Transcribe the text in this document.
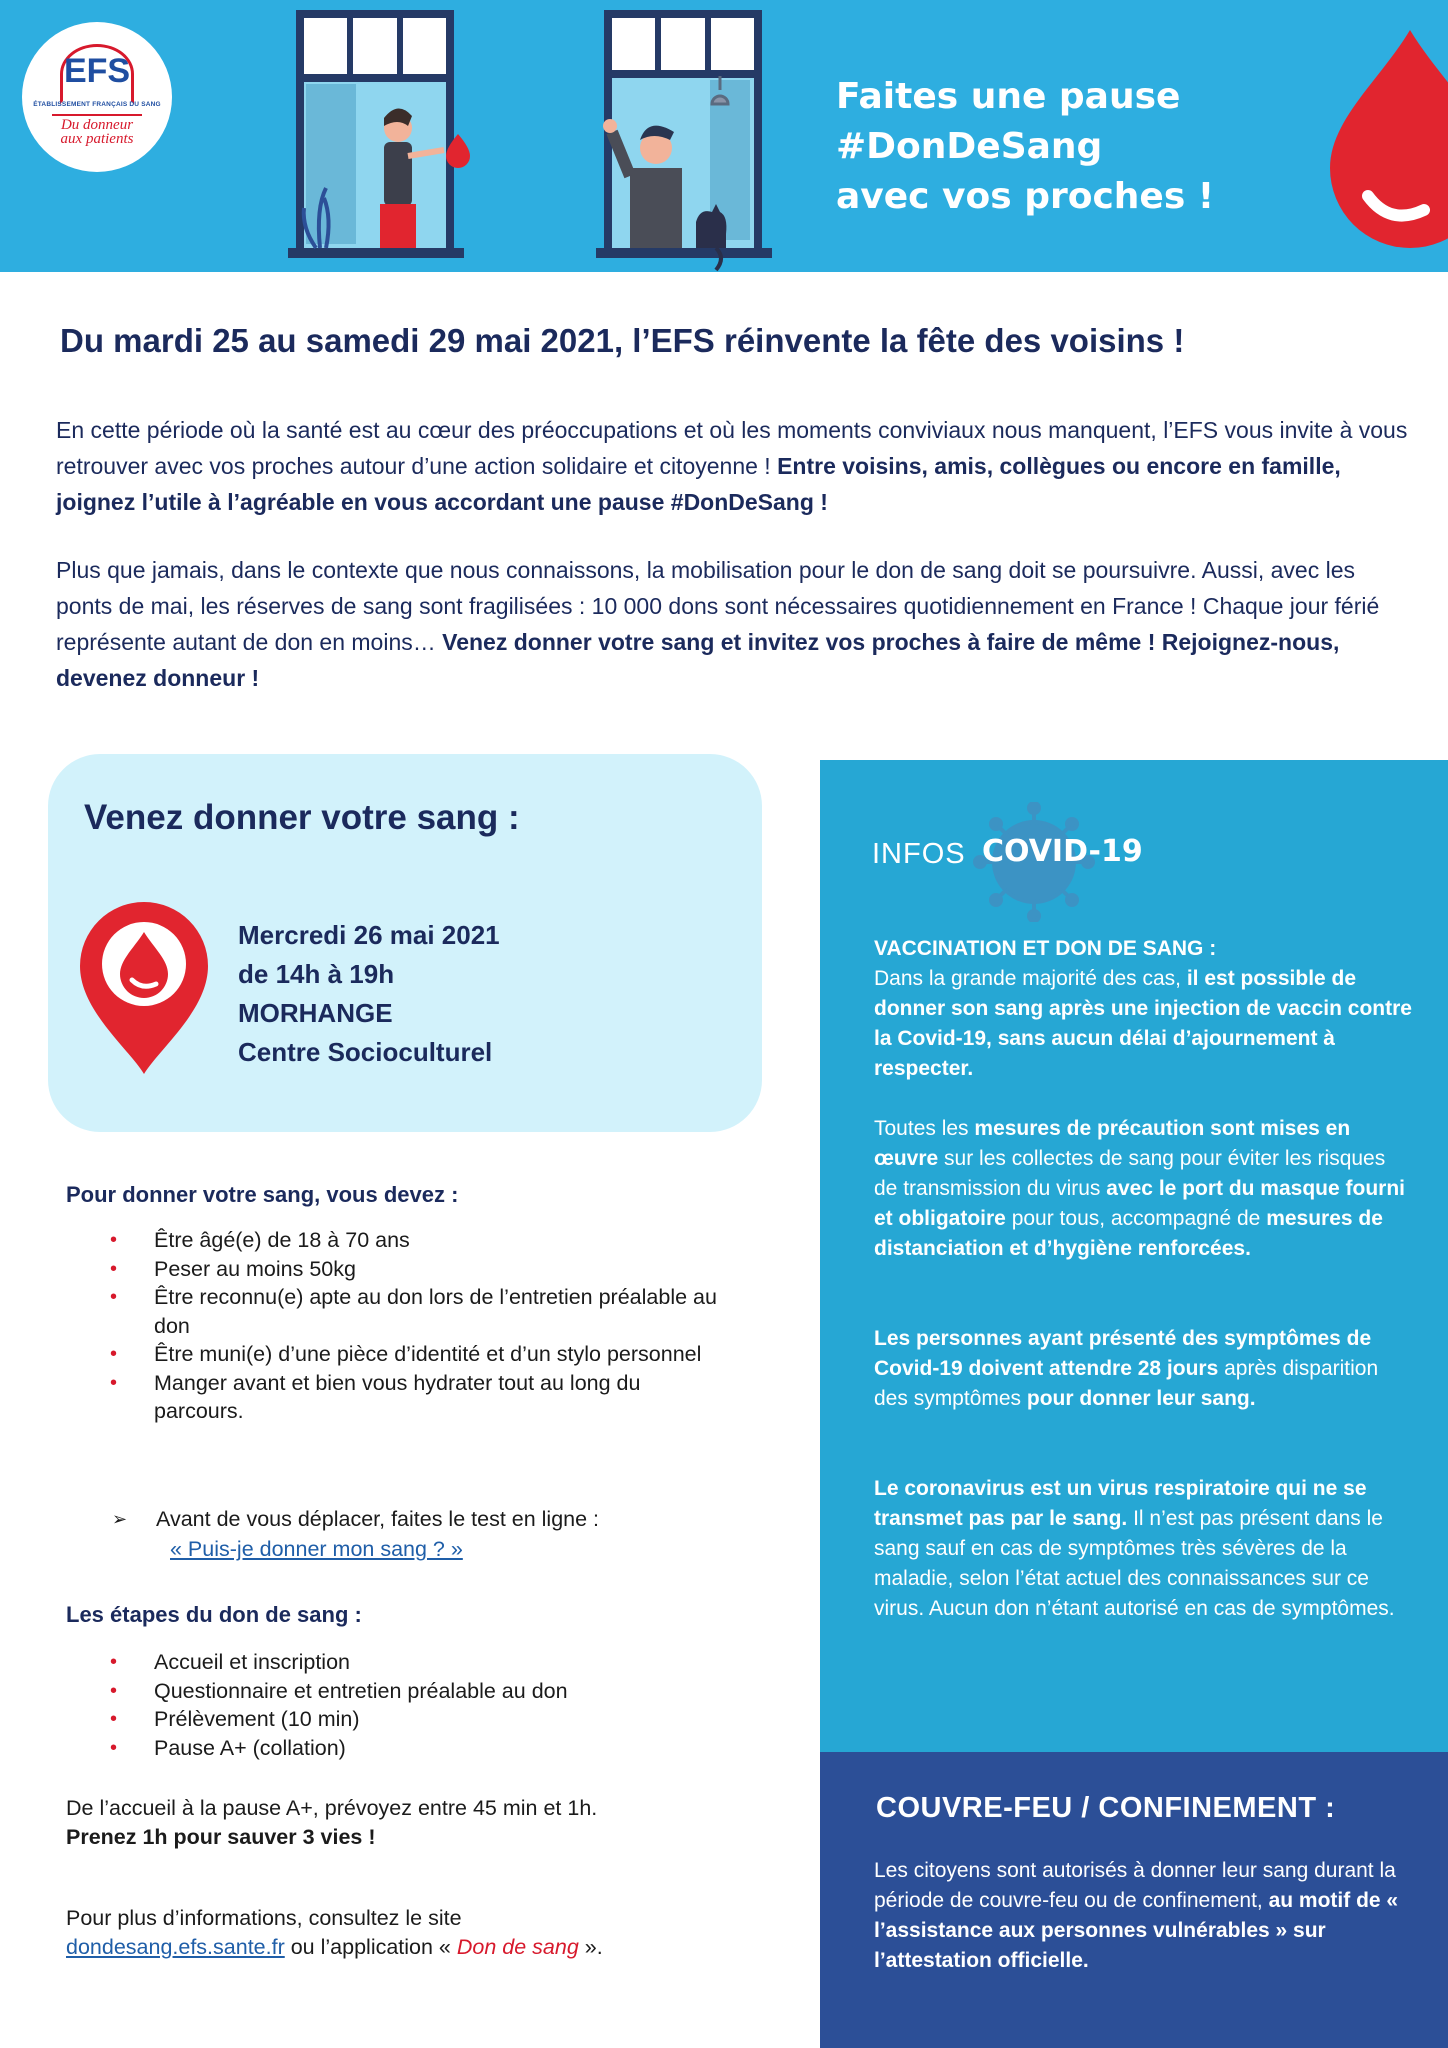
EFS
ÉTABLISSEMENT FRANÇAIS DU SANG
Du donneur
aux patients
Faites une pause
#DonDeSang
avec vos proches !
Du mardi 25 au samedi 29 mai 2021, l’EFS réinvente la fête des voisins !

En cette période où la santé est au cœur des préoccupations et où les moments conviviaux nous manquent, l’EFS vous invite à vous retrouver avec vos proches autour d’une action solidaire et citoyenne ! Entre voisins, amis, collègues ou encore en famille, joignez l’utile à l’agréable en vous accordant une pause #DonDeSang !

Plus que jamais, dans le contexte que nous connaissons, la mobilisation pour le don de sang doit se poursuivre. Aussi, avec les ponts de mai, les réserves de sang sont fragilisées : 10 000 dons sont nécessaires quotidiennement en France ! Chaque jour férié représente autant de don en moins… Venez donner votre sang et invitez vos proches à faire de même ! Rejoignez-nous, devenez donneur !

Venez donner votre sang :
Mercredi 26 mai 2021
de 14h à 19h
MORHANGE
Centre Socioculturel
Pour donner votre sang, vous devez :
• Être âgé(e) de 18 à 70 ans
• Peser au moins 50kg
• Être reconnu(e) apte au don lors de l’entretien préalable au don
• Être muni(e) d’une pièce d’identité et d’un stylo personnel
• Manger avant et bien vous hydrater tout au long du parcours.
➢ Avant de vous déplacer, faites le test en ligne :
« Puis-je donner mon sang ? »
Les étapes du don de sang :
• Accueil et inscription
• Questionnaire et entretien préalable au don
• Prélèvement (10 min)
• Pause A+ (collation)

De l’accueil à la pause A+, prévoyez entre 45 min et 1h.
Prenez 1h pour sauver 3 vies !

Pour plus d’informations, consultez le site
dondesang.efs.sante.fr ou l’application « Don de sang ».

INFOS COVID-19
VACCINATION ET DON DE SANG :
Dans la grande majorité des cas, il est possible de donner son sang après une injection de vaccin contre la Covid-19, sans aucun délai d’ajournement à respecter.
Toutes les mesures de précaution sont mises en œuvre sur les collectes de sang pour éviter les risques de transmission du virus avec le port du masque fourni et obligatoire pour tous, accompagné de mesures de distanciation et d’hygiène renforcées.
Les personnes ayant présenté des symptômes de Covid-19 doivent attendre 28 jours après disparition des symptômes pour donner leur sang.
Le coronavirus est un virus respiratoire qui ne se transmet pas par le sang. Il n’est pas présent dans le sang sauf en cas de symptômes très sévères de la maladie, selon l’état actuel des connaissances sur ce virus. Aucun don n’étant autorisé en cas de symptômes.
COUVRE-FEU / CONFINEMENT :
Les citoyens sont autorisés à donner leur sang durant la période de couvre-feu ou de confinement, au motif de « l’assistance aux personnes vulnérables » sur l’attestation officielle.
